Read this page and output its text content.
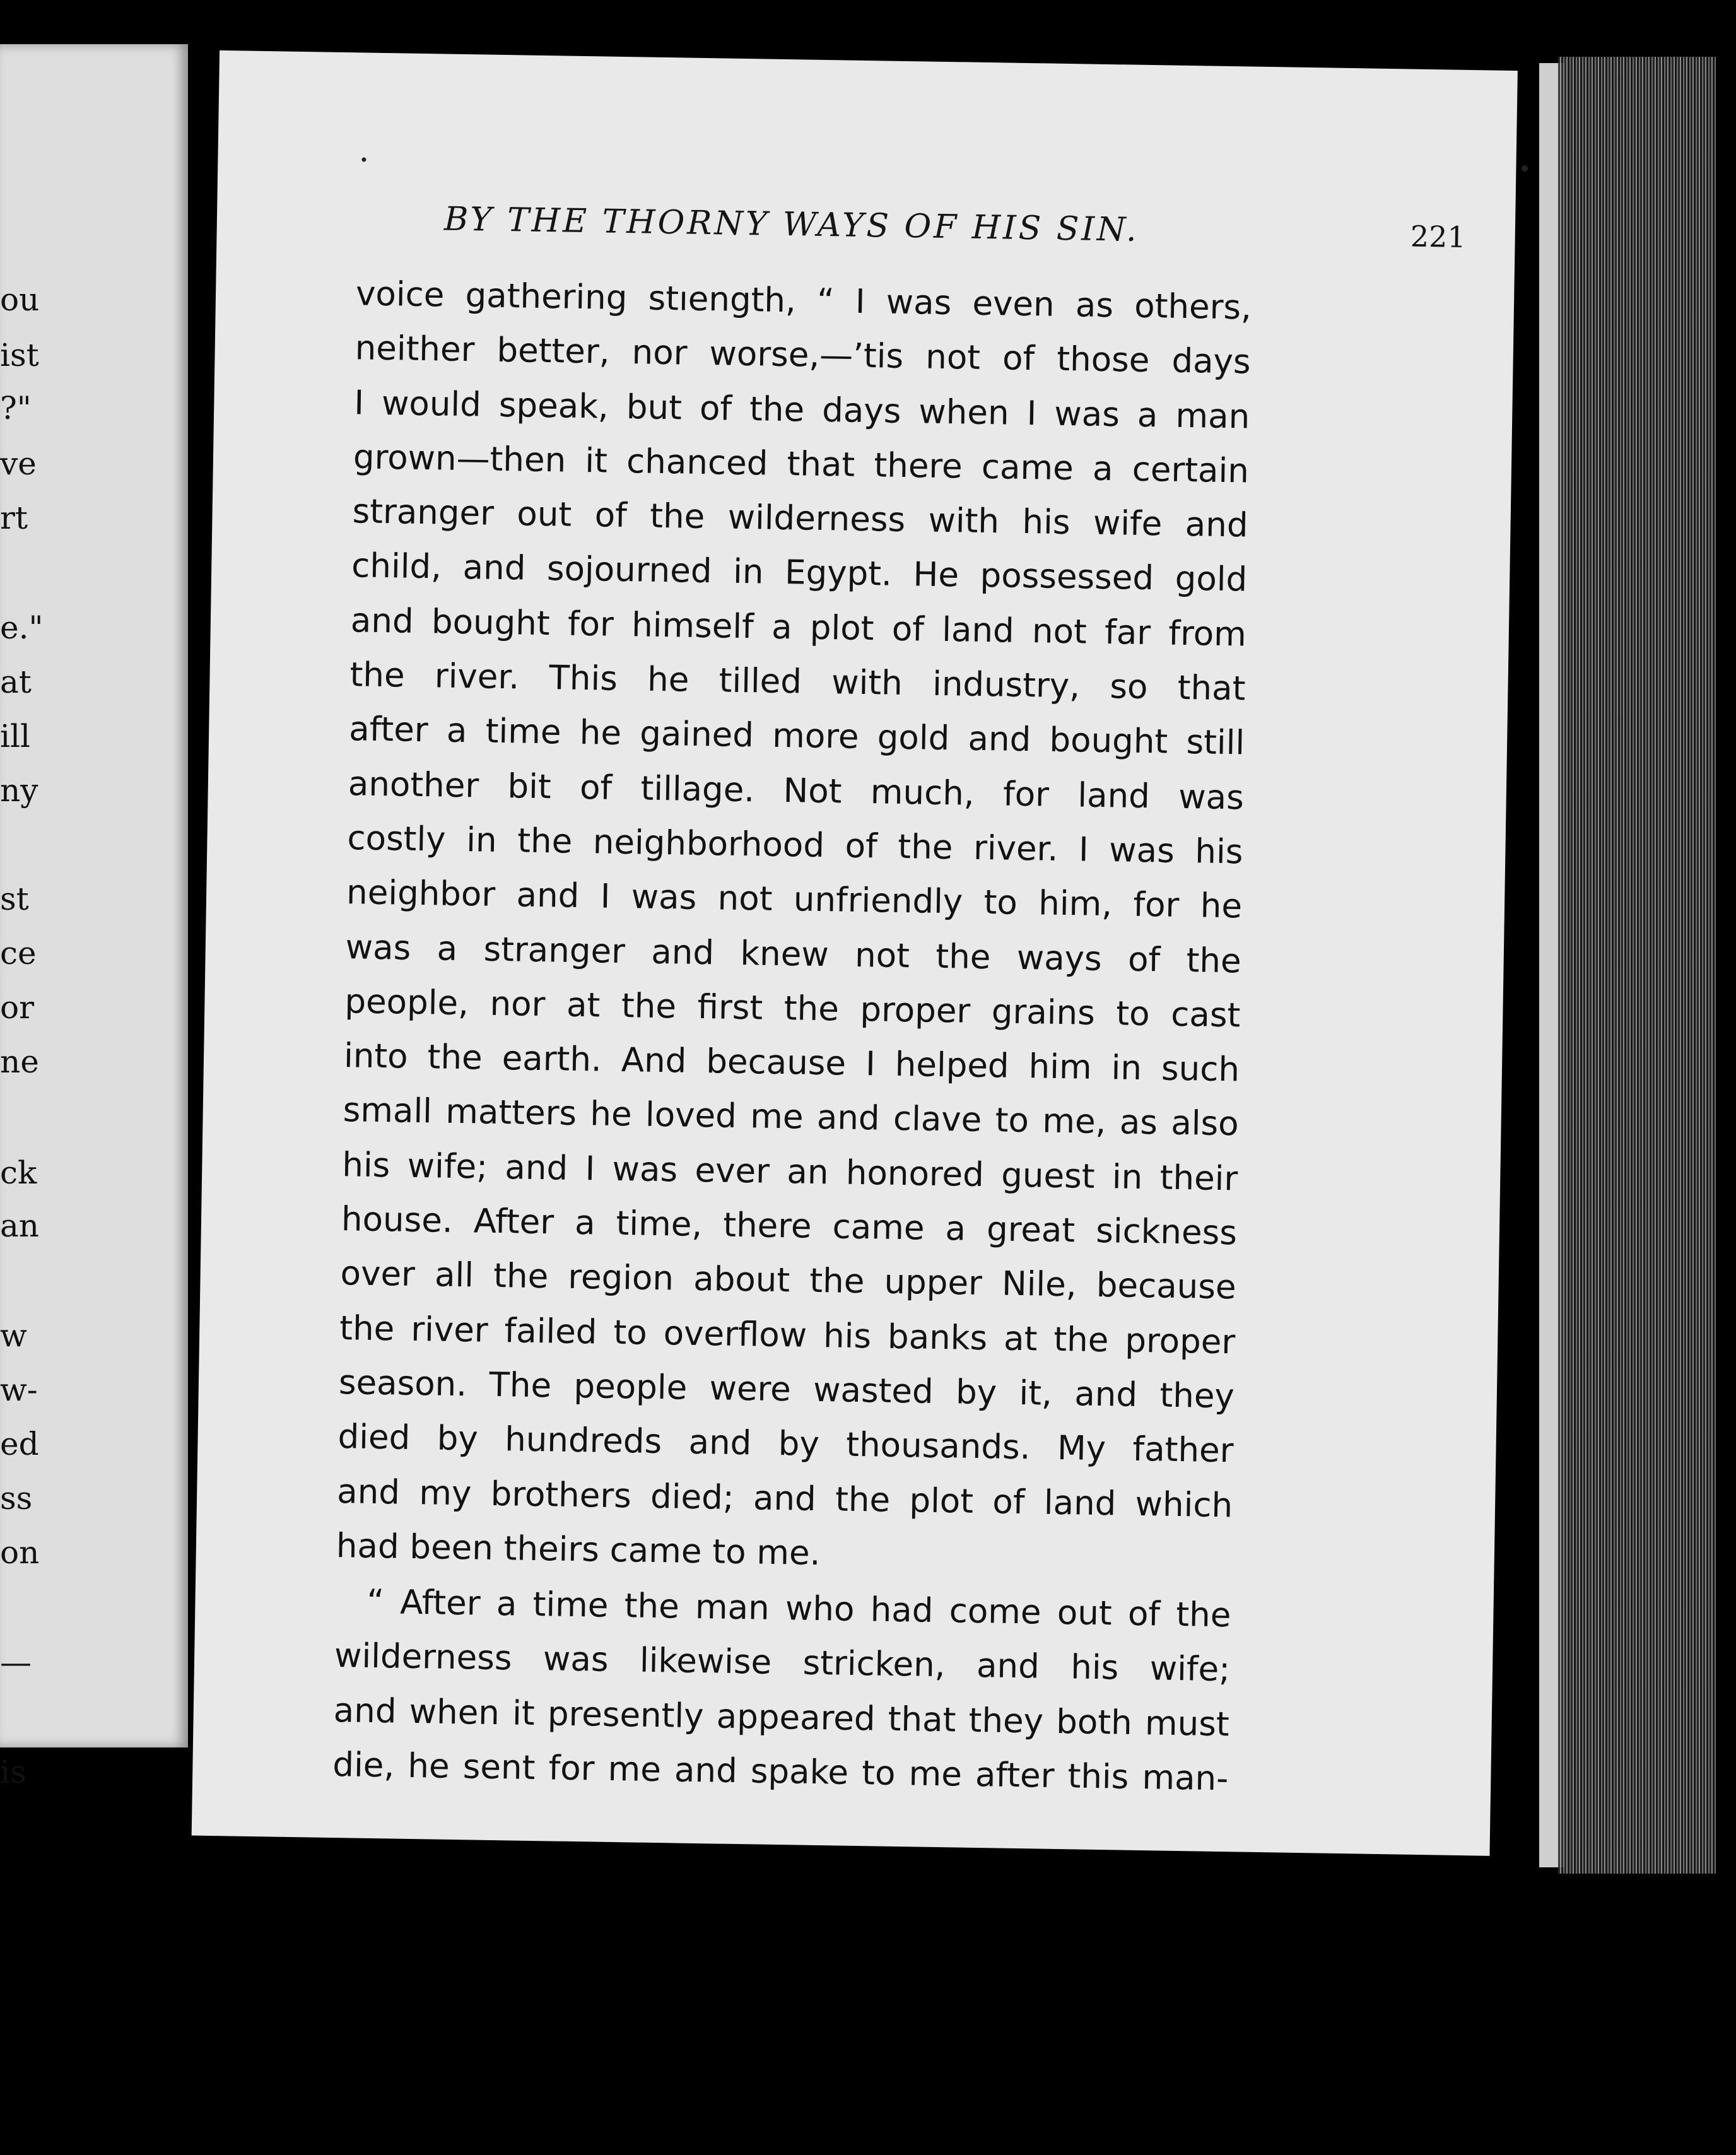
ou
ist
?"
ve
rt
e."
at
ill
ny
st
ce
or
ne
ck
an
w
w-
ed
ss
on
—
is
BY THE THORNY WAYS OF HIS SIN.	221
voice gathering stıength, “ I was even as others,
neither better, nor worse,—’tis not of those days
I would speak, but of the days when I was a man
grown—then it chanced that there came a certain
stranger out of the wilderness with his wife and
child, and sojourned in Egypt. He possessed gold
and bought for himself a plot of land not far from
the river. This he tilled with industry, so that
after a time he gained more gold and bought still
another bit of tillage. Not much, for land was
costly in the neighborhood of the river. I was his
neighbor and I was not unfriendly to him, for he
was a stranger and knew not the ways of the
people, nor at the first the proper grains to cast
into the earth. And because I helped him in such
small matters he loved me and clave to me, as also
his wife; and I was ever an honored guest in their
house. After a time, there came a great sickness
over all the region about the upper Nile, because
the river failed to overflow his banks at the proper
season. The people were wasted by it, and they
died by hundreds and by thousands. My father
and my brothers died; and the plot of land which
had been theirs came to me.
“ After a time the man who had come out of the
wilderness was likewise stricken, and his wife;
and when it presently appeared that they both must
die, he sent for me and spake to me after this man-
